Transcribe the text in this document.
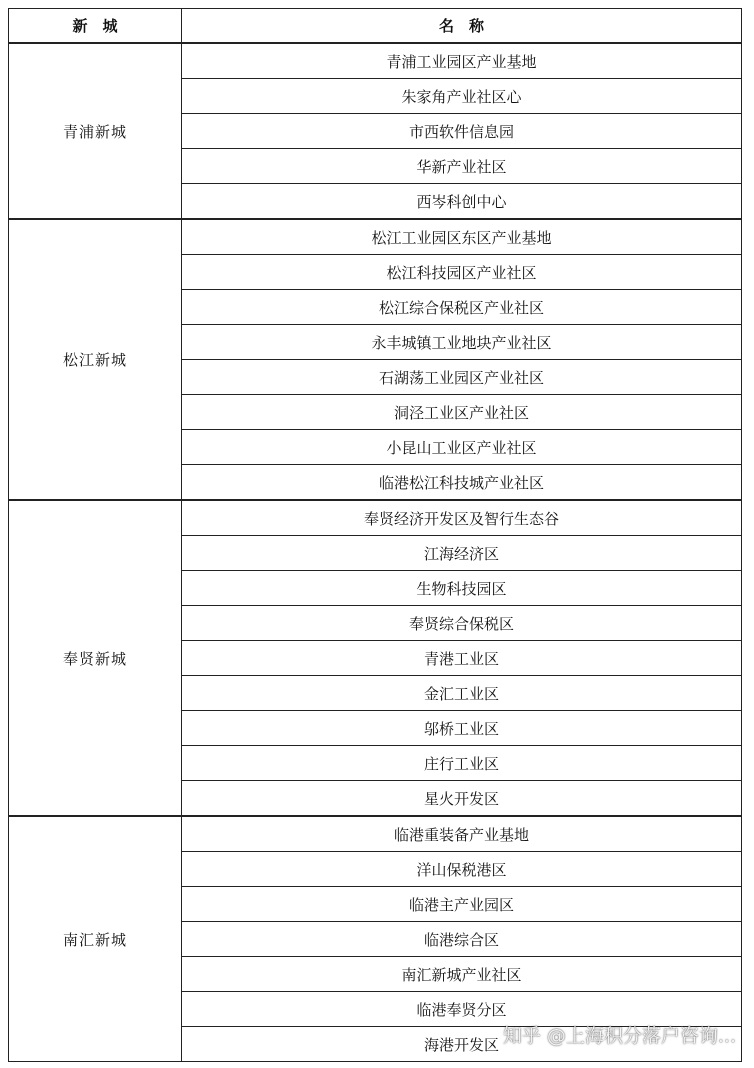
新　城	名　称
青浦新城	青浦工业园区产业基地
	朱家角产业社区心
	市西软件信息园
	华新产业社区
	西岑科创中心
松江新城	松江工业园区东区产业基地
	松江科技园区产业社区
	松江综合保税区产业社区
	永丰城镇工业地块产业社区
	石湖荡工业园区产业社区
	洞泾工业区产业社区
	小昆山工业区产业社区
	临港松江科技城产业社区
奉贤新城	奉贤经济开发区及智行生态谷
	江海经济区
	生物科技园区
	奉贤综合保税区
	青港工业区
	金汇工业区
	邬桥工业区
	庄行工业区
	星火开发区
南汇新城	临港重装备产业基地
	洋山保税港区
	临港主产业园区
	临港综合区
	南汇新城产业社区
	临港奉贤分区
	海港开发区 知乎 @上海积分落户咨询...
